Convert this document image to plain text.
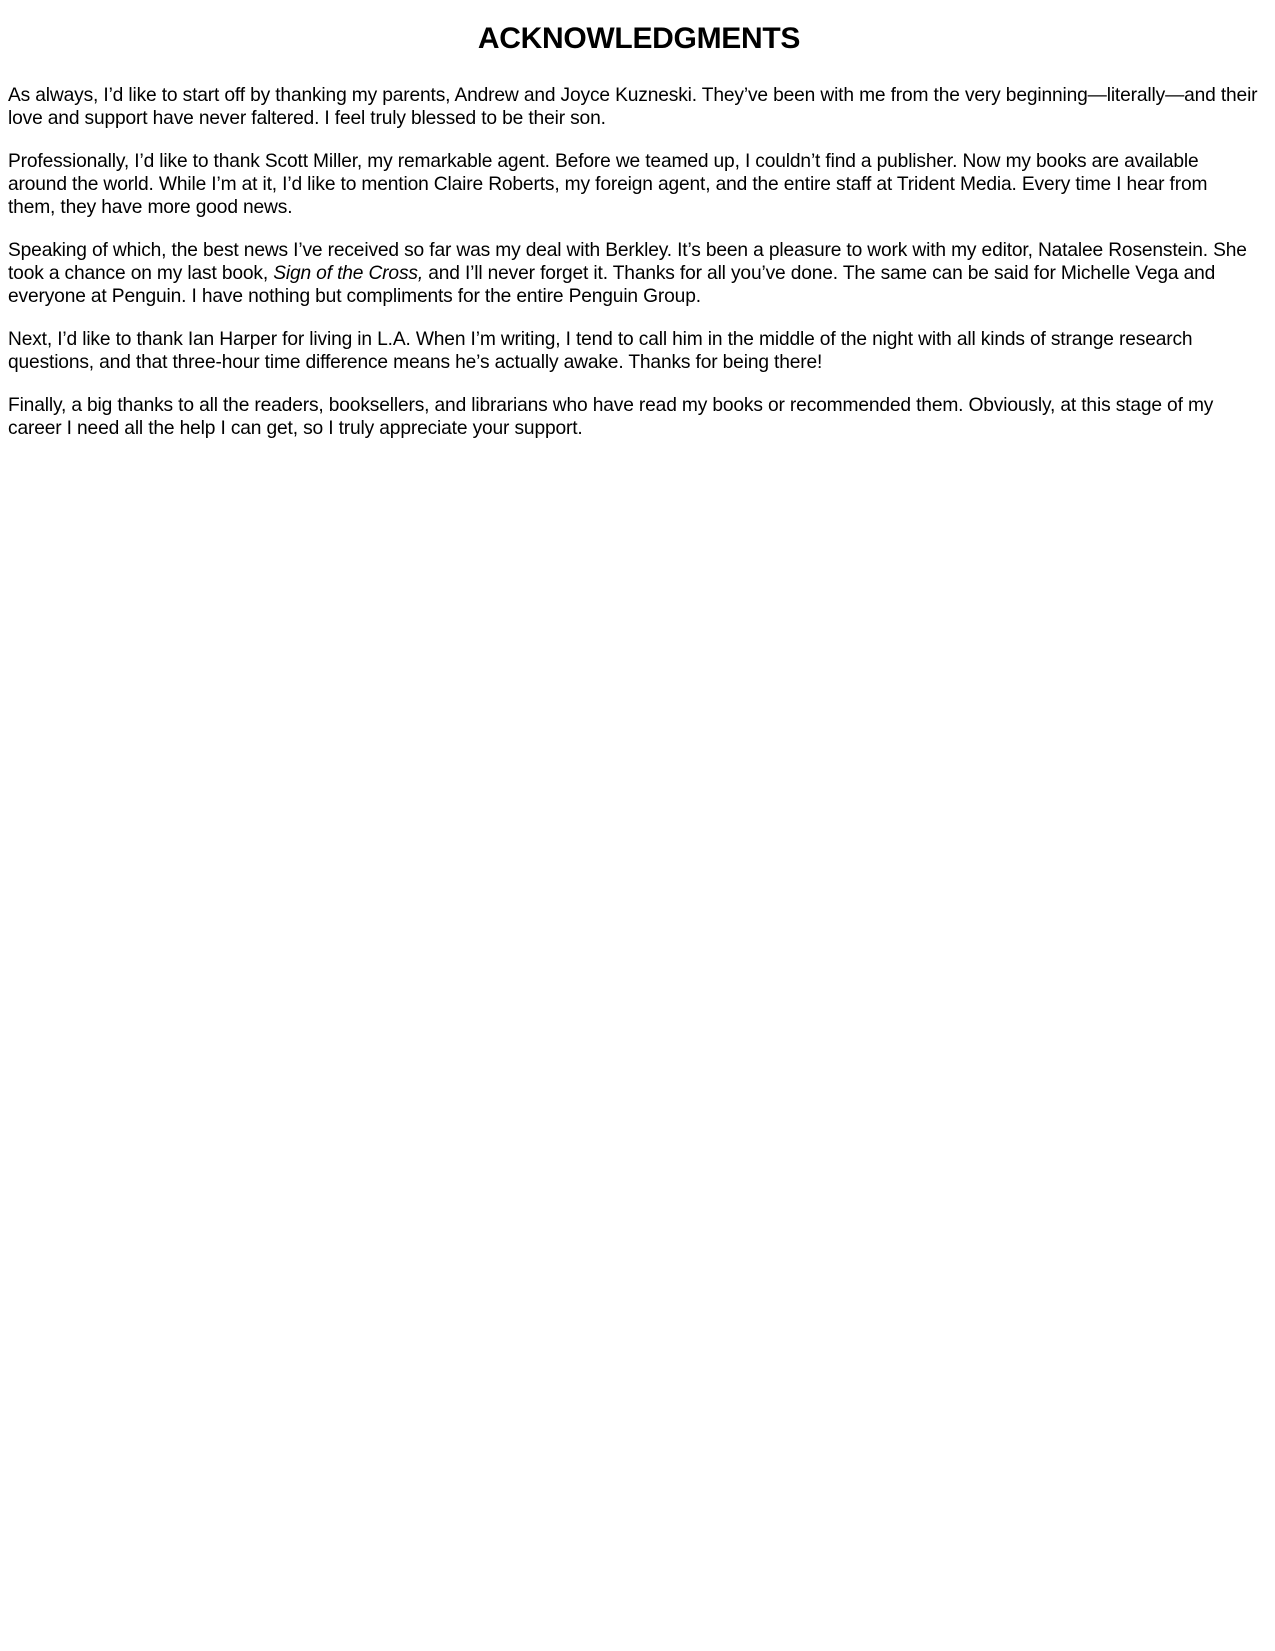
ACKNOWLEDGMENTS

As always, I’d like to start off by thanking my parents, Andrew and Joyce Kuzneski. They’ve been with me from the very beginning—literally—and their love and support have never faltered. I feel truly blessed to be their son.

Professionally, I’d like to thank Scott Miller, my remarkable agent. Before we teamed up, I couldn’t find a publisher. Now my books are available around the world. While I’m at it, I’d like to mention Claire Roberts, my foreign agent, and the entire staff at Trident Media. Every time I hear from them, they have more good news.

Speaking of which, the best news I’ve received so far was my deal with Berkley. It’s been a pleasure to work with my editor, Natalee Rosenstein. She took a chance on my last book, Sign of the Cross, and I’ll never forget it. Thanks for all you’ve done. The same can be said for Michelle Vega and everyone at Penguin. I have nothing but compliments for the entire Penguin Group.

Next, I’d like to thank Ian Harper for living in L.A. When I’m writing, I tend to call him in the middle of the night with all kinds of strange research questions, and that three-hour time difference means he’s actually awake. Thanks for being there!

Finally, a big thanks to all the readers, booksellers, and librarians who have read my books or recommended them. Obviously, at this stage of my career I need all the help I can get, so I truly appreciate your support.
